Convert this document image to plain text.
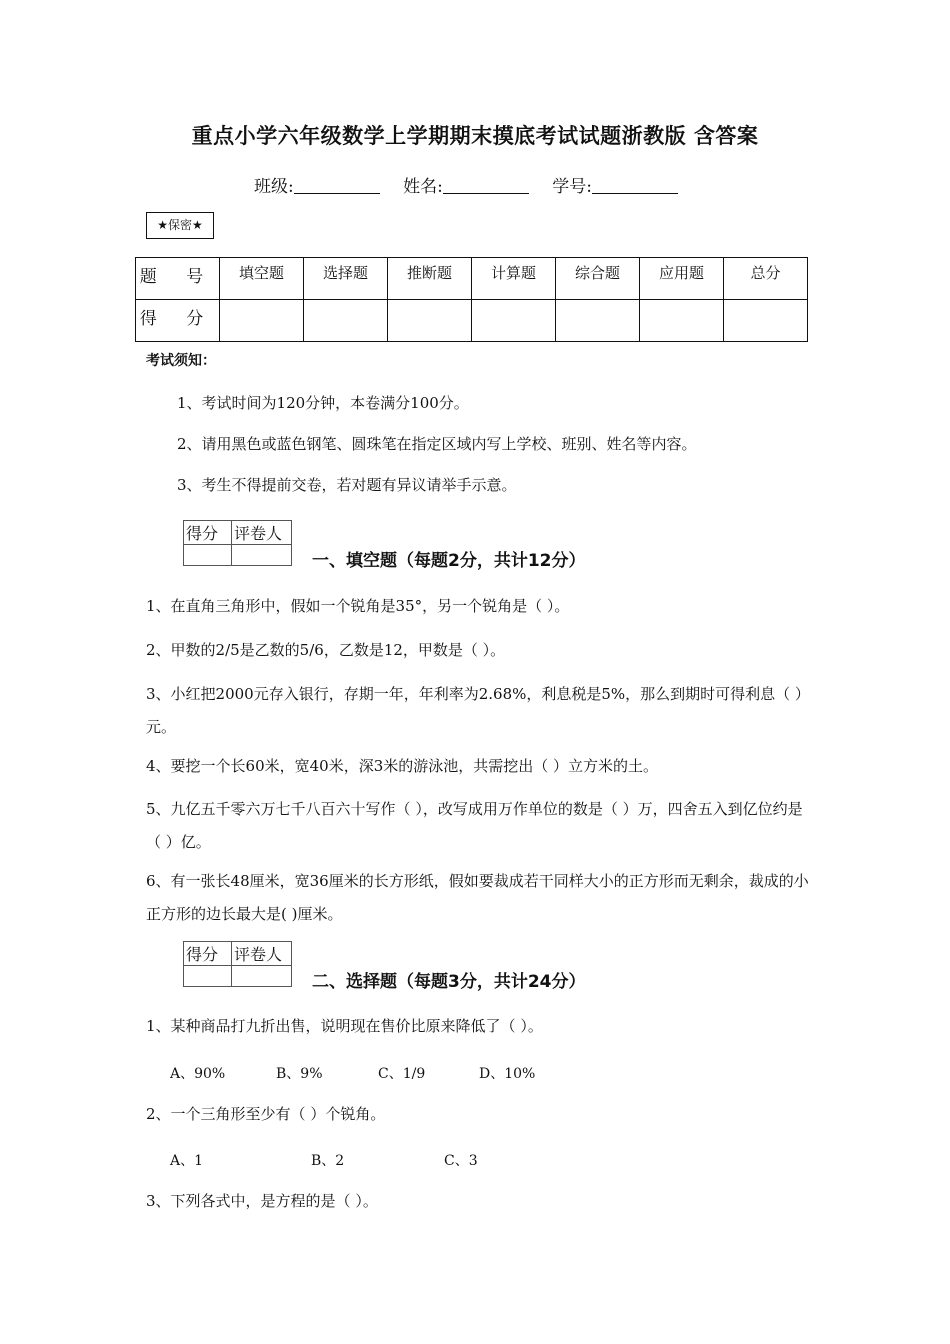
重点小学六年级数学上学期期末摸底考试试题浙教版 含答案
班级:	姓名:	学号:
★保密★
题 号	填空题	选择题	推断题	计算题	综合题	应用题	总分
得 分							
考试须知：
1、考试时间为120分钟，本卷满分100分。
2、请用黑色或蓝色钢笔、圆珠笔在指定区域内写上学校、班别、姓名等内容。
3、考生不得提前交卷，若对题有异议请举手示意。
得分	评卷人

一、填空题（每题2分，共计12分）
1、在直角三角形中，假如一个锐角是35°，另一个锐角是（ ）。
2、甲数的2/5是乙数的5/6，乙数是12，甲数是（ ）。
3、小红把2000元存入银行，存期一年，年利率为2.68%，利息税是5%，那么到期时可得利息（ ）元。
4、要挖一个长60米，宽40米，深3米的游泳池，共需挖出（ ）立方米的土。
5、九亿五千零六万七千八百六十写作（ ），改写成用万作单位的数是（ ）万，四舍五入到亿位约是（ ）亿。
6、有一张长48厘米，宽36厘米的长方形纸，假如要裁成若干同样大小的正方形而无剩余，裁成的小正方形的边长最大是( )厘米。
得分	评卷人

二、选择题（每题3分，共计24分）
1、某种商品打九折出售，说明现在售价比原来降低了（ ）。
A、90%	B、9%	C、1/9	D、10%
2、一个三角形至少有（ ）个锐角。
A、1	B、2	C、3
3、下列各式中，是方程的是（ ）。
